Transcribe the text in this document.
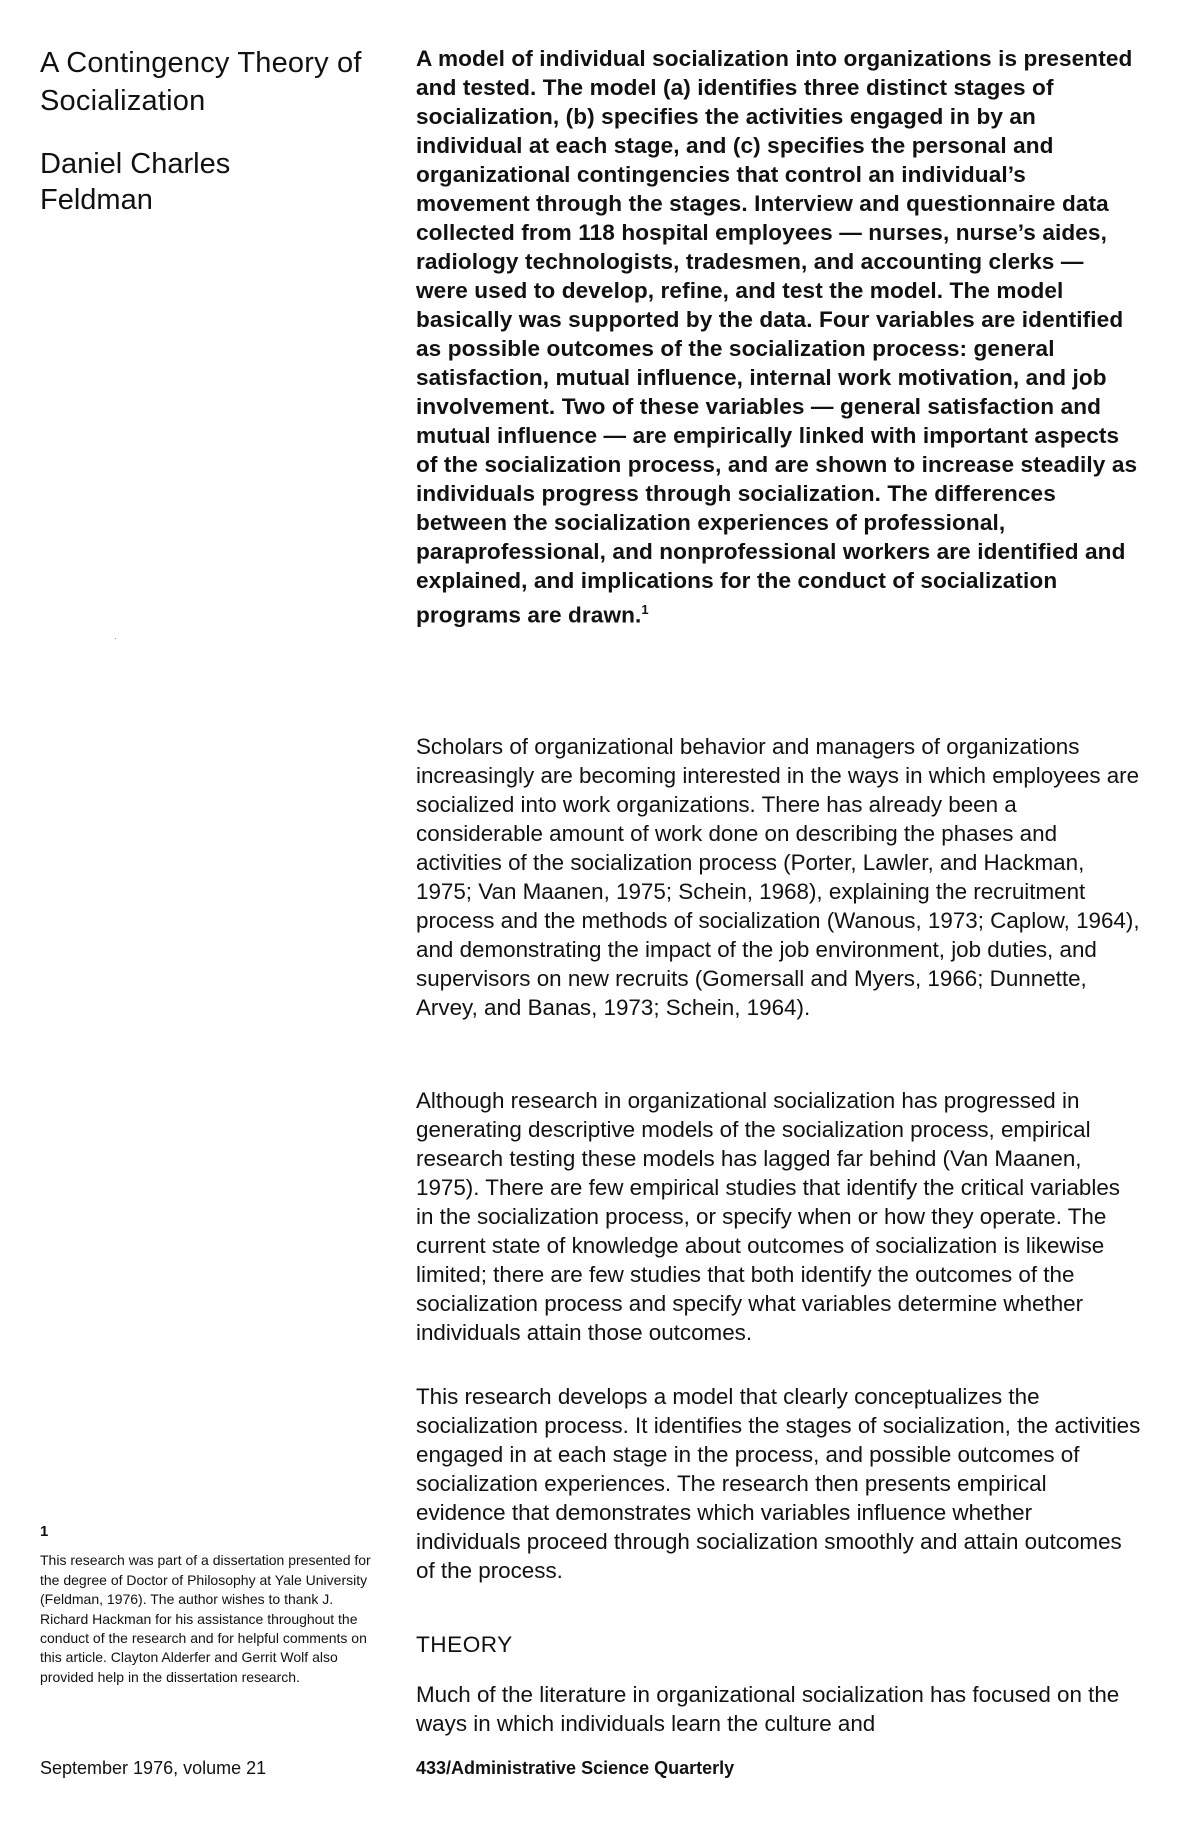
A Contingency Theory of Socialization
Daniel Charles Feldman

A model of individual socialization into organizations is presented and tested. The model (a) identifies three distinct stages of socialization, (b) specifies the activities engaged in by an individual at each stage, and (c) specifies the personal and organizational contingencies that control an individual’s movement through the stages. Interview and questionnaire data collected from 118 hospital employees — nurses, nurse’s aides, radiology technologists, tradesmen, and accounting clerks — were used to develop, refine, and test the model. The model basically was supported by the data. Four variables are identified as possible outcomes of the socialization process: general satisfaction, mutual influence, internal work motivation, and job involvement. Two of these variables — general satisfaction and mutual influence — are empirically linked with important aspects of the socialization process, and are shown to increase steadily as individuals progress through socialization. The differences between the socialization experiences of professional, paraprofessional, and nonprofessional workers are identified and explained, and implications for the conduct of socialization programs are drawn.$^1$

Scholars of organizational behavior and managers of organizations increasingly are becoming interested in the ways in which employees are socialized into work organizations. There has already been a considerable amount of work done on describing the phases and activities of the socialization process (Porter, Lawler, and Hackman, 1975; Van Maanen, 1975; Schein, 1968), explaining the recruitment process and the methods of socialization (Wanous, 1973; Caplow, 1964), and demonstrating the impact of the job environment, job duties, and supervisors on new recruits (Gomersall and Myers, 1966; Dunnette, Arvey, and Banas, 1973; Schein, 1964).

Although research in organizational socialization has progressed in generating descriptive models of the socialization process, empirical research testing these models has lagged far behind (Van Maanen, 1975). There are few empirical studies that identify the critical variables in the socialization process, or specify when or how they operate. The current state of knowledge about outcomes of socialization is likewise limited; there are few studies that both identify the outcomes of the socialization process and specify what variables determine whether individuals attain those outcomes.

This research develops a model that clearly conceptualizes the socialization process. It identifies the stages of socialization, the activities engaged in at each stage in the process, and possible outcomes of socialization experiences. The research then presents empirical evidence that demonstrates which variables influence whether individuals proceed through socialization smoothly and attain outcomes of the process.

THEORY

Much of the literature in organizational socialization has focused on the ways in which individuals learn the culture and

1
This research was part of a dissertation presented for the degree of Doctor of Philosophy at Yale University (Feldman, 1976). The author wishes to thank J. Richard Hackman for his assistance throughout the conduct of the research and for helpful comments on this article. Clayton Alderfer and Gerrit Wolf also provided help in the dissertation research.
September 1976, volume 21	433/Administrative Science Quarterly
